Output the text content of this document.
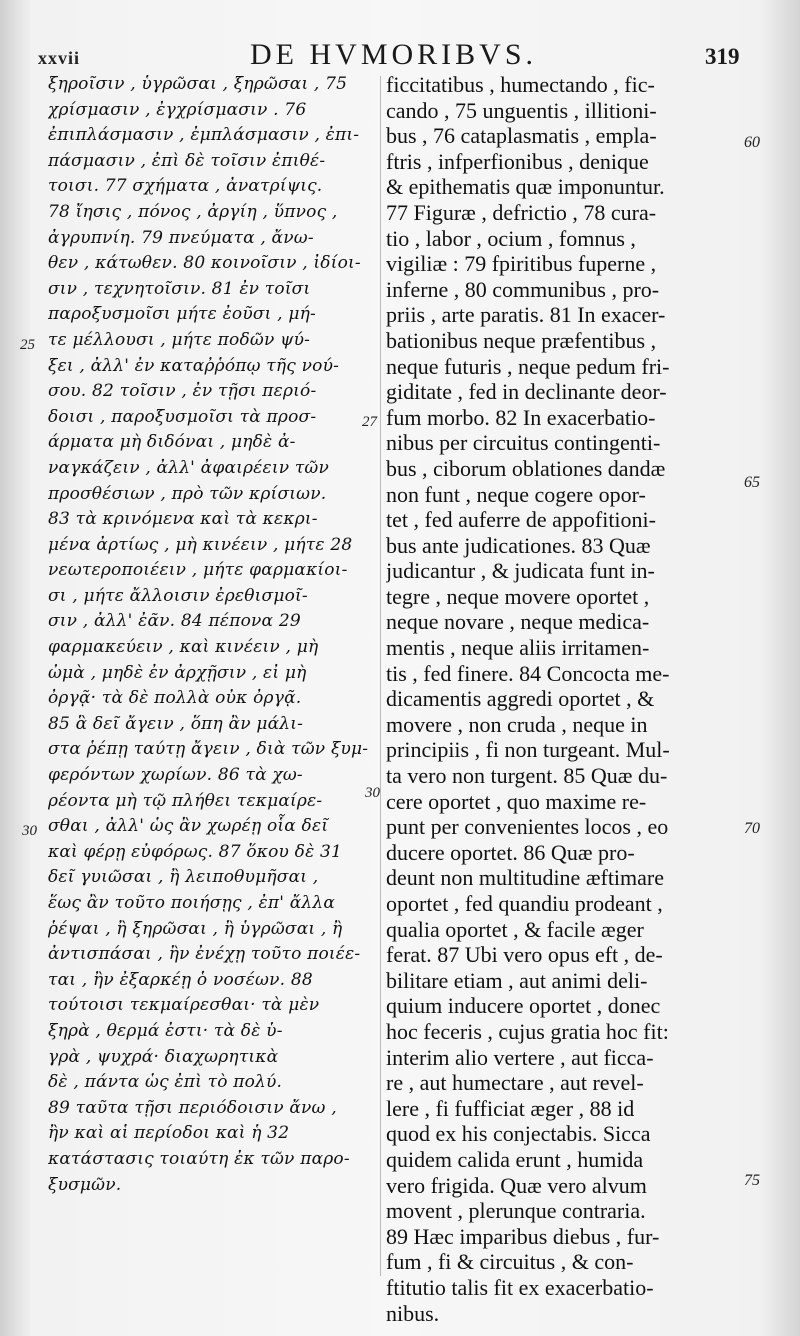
xxvii	DE HVMORIBVS.	319
ξηροῖσιν , ὑγρῶσαι , ξηρῶσαι , 75
χρίσμασιν , ἐγχρίσμασιν . 76
ἐπιπλάσμασιν , ἐμπλάσμασιν , ἐπι-
πάσμασιν , ἐπὶ δὲ τοῖσιν ἐπιθέ-
τοισι. 77 σχήματα , ἀνατρίψις.
78 ἴησις , πόνος , ἀργίη , ὕπνος ,
ἀγρυπνίη. 79 πνεύματα , ἄνω-
θεν , κάτωθεν. 80 κοινοῖσιν , ἰδίοι-
σιν , τεχνητοῖσιν. 81 ἐν τοῖσι
παροξυσμοῖσι μήτε ἐοῦσι , μή-
τε μέλλουσι , μήτε ποδῶν ψύ-
ξει , ἀλλ' ἐν καταῤῥόπῳ τῆς νού-
σου. 82 τοῖσιν , ἐν τῇσι περιό-
δοισι , παροξυσμοῖσι τὰ προσ-
άρματα μὴ διδόναι , μηδὲ ἀ-
ναγκάζειν , ἀλλ' ἀφαιρέειν τῶν
προσθέσιων , πρὸ τῶν κρίσιων.
83 τὰ κρινόμενα καὶ τὰ κεκρι-
μένα ἀρτίως , μὴ κινέειν , μήτε 28
νεωτεροποιέειν , μήτε φαρμακίοι-
σι , μήτε ἄλλοισιν ἐρεθισμοῖ-
σιν , ἀλλ' ἐᾶν. 84 πέπονα 29
φαρμακεύειν , καὶ κινέειν , μὴ
ὠμὰ , μηδὲ ἐν ἀρχῇσιν , εἰ μὴ
ὀργᾷ· τὰ δὲ πολλὰ οὐκ ὀργᾷ.
85 ἃ δεῖ ἄγειν , ὅπη ἂν μάλι-
στα ῥέπῃ ταύτῃ ἄγειν , διὰ τῶν ξυμ-
φερόντων χωρίων. 86 τὰ χω-
ρέοντα μὴ τῷ πλήθει τεκμαίρε-
σθαι , ἀλλ' ὡς ἂν χωρέῃ οἷα δεῖ
καὶ φέρῃ εὐφόρως. 87 ὅκου δὲ 31
δεῖ γυιῶσαι , ἢ λειποθυμῆσαι ,
ἕως ἂν τοῦτο ποιήσῃς , ἐπ' ἄλλα
ῥέψαι , ἢ ξηρῶσαι , ἢ ὑγρῶσαι , ἢ
ἀντισπάσαι , ἢν ἐνέχῃ τοῦτο ποιέε-
ται , ἢν ἐξαρκέῃ ὁ νοσέων. 88
τούτοισι τεκμαίρεσθαι· τὰ μὲν
ξηρὰ , θερμά ἐστι· τὰ δὲ ὑ-
γρὰ , ψυχρά· διαχωρητικὰ
δὲ , πάντα ὡς ἐπὶ τὸ πολύ.
89 ταῦτα τῇσι περιόδοισιν ἄνω ,
ἢν καὶ αἱ περίοδοι καὶ ἡ 32
κατάστασις τοιαύτη ἐκ τῶν παρο-
ξυσμῶν.
ficcitatibus , humectando , fic-
cando , 75 unguentis , illitioni-
bus , 76 cataplasmatis , empla-
ftris , infperfionibus , denique
& epithematis quæ imponuntur.
77 Figuræ , defrictio , 78 cura-
tio , labor , ocium , fomnus ,
vigiliæ : 79 fpiritibus fuperne ,
inferne , 80 communibus , pro-
priis , arte paratis. 81 In exacer-
bationibus neque præfentibus ,
neque futuris , neque pedum fri-
giditate , fed in declinante deor-
fum morbo. 82 In exacerbatio-
nibus per circuitus contingenti-
bus , ciborum oblationes dandæ
non funt , neque cogere opor-
tet , fed auferre de appofitioni-
bus ante judicationes. 83 Quæ
judicantur , & judicata funt in-
tegre , neque movere oportet ,
neque novare , neque medica-
mentis , neque aliis irritamen-
tis , fed finere. 84 Concocta me-
dicamentis aggredi oportet , &
movere , non cruda , neque in
principiis , fi non turgeant. Mul-
ta vero non turgent. 85 Quæ du-
cere oportet , quo maxime re-
punt per convenientes locos , eo
ducere oportet. 86 Quæ pro-
deunt non multitudine æftimare
oportet , fed quandiu prodeant ,
qualia oportet , & facile æger
ferat. 87 Ubi vero opus eft , de-
bilitare etiam , aut animi deli-
quium inducere oportet , donec
hoc feceris , cujus gratia hoc fit:
interim alio vertere , aut ficca-
re , aut humectare , aut revel-
lere , fi fufficiat æger , 88 id
quod ex his conjectabis. Sicca
quidem calida erunt , humida
vero frigida. Quæ vero alvum
movent , plerunque contraria.
89 Hæc imparibus diebus , fur-
fum , fi & circuitus , & con-
ftitutio talis fit ex exacerbatio-
nibus.
25
30
27
30
60
65
70
75
